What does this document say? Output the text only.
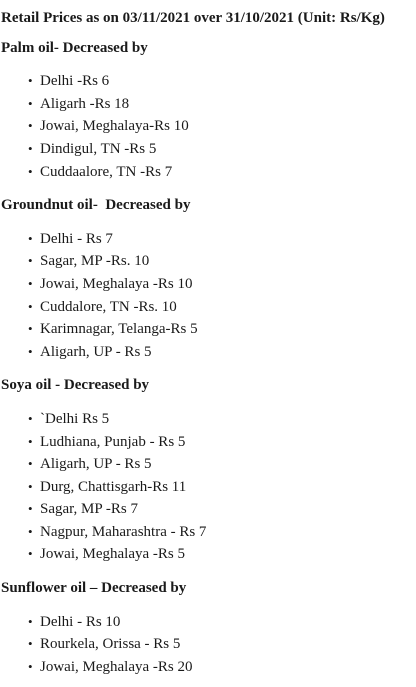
Retail Prices as on 03/11/2021 over 31/10/2021 (Unit: Rs/Kg)

Palm oil- Decreased by

• Delhi -Rs 6
• Aligarh -Rs 18
• Jowai, Meghalaya-Rs 10
• Dindigul, TN -Rs 5
• Cuddaalore, TN -Rs 7

Groundnut oil-  Decreased by

• Delhi - Rs 7
• Sagar, MP -Rs. 10
• Jowai, Meghalaya -Rs 10
• Cuddalore, TN -Rs. 10
• Karimnagar, Telanga-Rs 5
• Aligarh, UP - Rs 5

Soya oil - Decreased by

• `Delhi Rs 5
• Ludhiana, Punjab - Rs 5
• Aligarh, UP - Rs 5
• Durg, Chattisgarh-Rs 11
• Sagar, MP -Rs 7
• Nagpur, Maharashtra - Rs 7
• Jowai, Meghalaya -Rs 5

Sunflower oil – Decreased by

• Delhi - Rs 10
• Rourkela, Orissa - Rs 5
• Jowai, Meghalaya -Rs 20
